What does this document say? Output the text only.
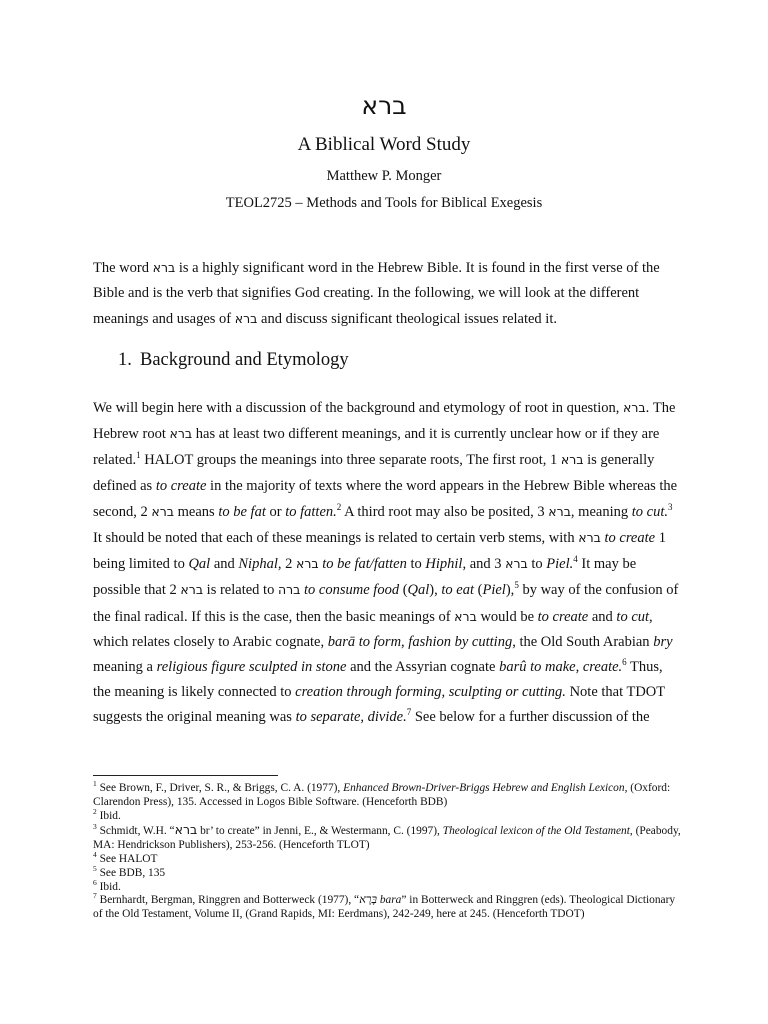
ברא
A Biblical Word Study

Matthew P. Monger

TEOL2725 – Methods and Tools for Biblical Exegesis

The word ברא is a highly significant word in the Hebrew Bible. It is found in the first verse of the Bible and is the verb that signifies God creating. In the following, we will look at the different meanings and usages of ברא and discuss significant theological issues related it.

1. Background and Etymology

We will begin here with a discussion of the background and etymology of root in question, ברא. The Hebrew root ברא has at least two different meanings, and it is currently unclear how or if they are related.$^1$ HALOT groups the meanings into three separate roots, The first root, ברא 1 is generally defined as to create in the majority of texts where the word appears in the Hebrew Bible whereas the second, ברא 2 means to be fat or to fatten.$^2$ A third root may also be posited, ברא 3, meaning to cut.$^3$ It should be noted that each of these meanings is related to certain verb stems, with ברא to create 1 being limited to Qal and Niphal, ברא 2 to be fat/fatten to Hiphil, and ברא 3 to Piel.$^4$ It may be possible that ברא 2 is related to ברה to consume food (Qal), to eat (Piel),$^5$ by way of the confusion of the final radical. If this is the case, then the basic meanings of ברא would be to create and to cut, which relates closely to Arabic cognate, barā to form, fashion by cutting, the Old South Arabian bry meaning a religious figure sculpted in stone and the Assyrian cognate barû to make, create.$^6$ Thus, the meaning is likely connected to creation through forming, sculpting or cutting. Note that TDOT suggests the original meaning was to separate, divide.$^7$ See below for a further discussion of the

$^1$ See Brown, F., Driver, S. R., & Briggs, C. A. (1977), Enhanced Brown-Driver-Briggs Hebrew and English Lexicon, (Oxford: Clarendon Press), 135. Accessed in Logos Bible Software. (Henceforth BDB)
$^2$ Ibid.
$^3$ Schmidt, W.H. “ברא br’ to create” in Jenni, E., & Westermann, C. (1997), Theological lexicon of the Old Testament, (Peabody, MA: Hendrickson Publishers), 253-256. (Henceforth TLOT)
$^4$ See HALOT
$^5$ See BDB, 135
$^6$ Ibid.
$^7$ Bernhardt, Bergman, Ringgren and Botterweck (1977), “בָּרָא bara” in Botterweck and Ringgren (eds). Theological Dictionary of the Old Testament, Volume II, (Grand Rapids, MI: Eerdmans), 242-249, here at 245. (Henceforth TDOT)
